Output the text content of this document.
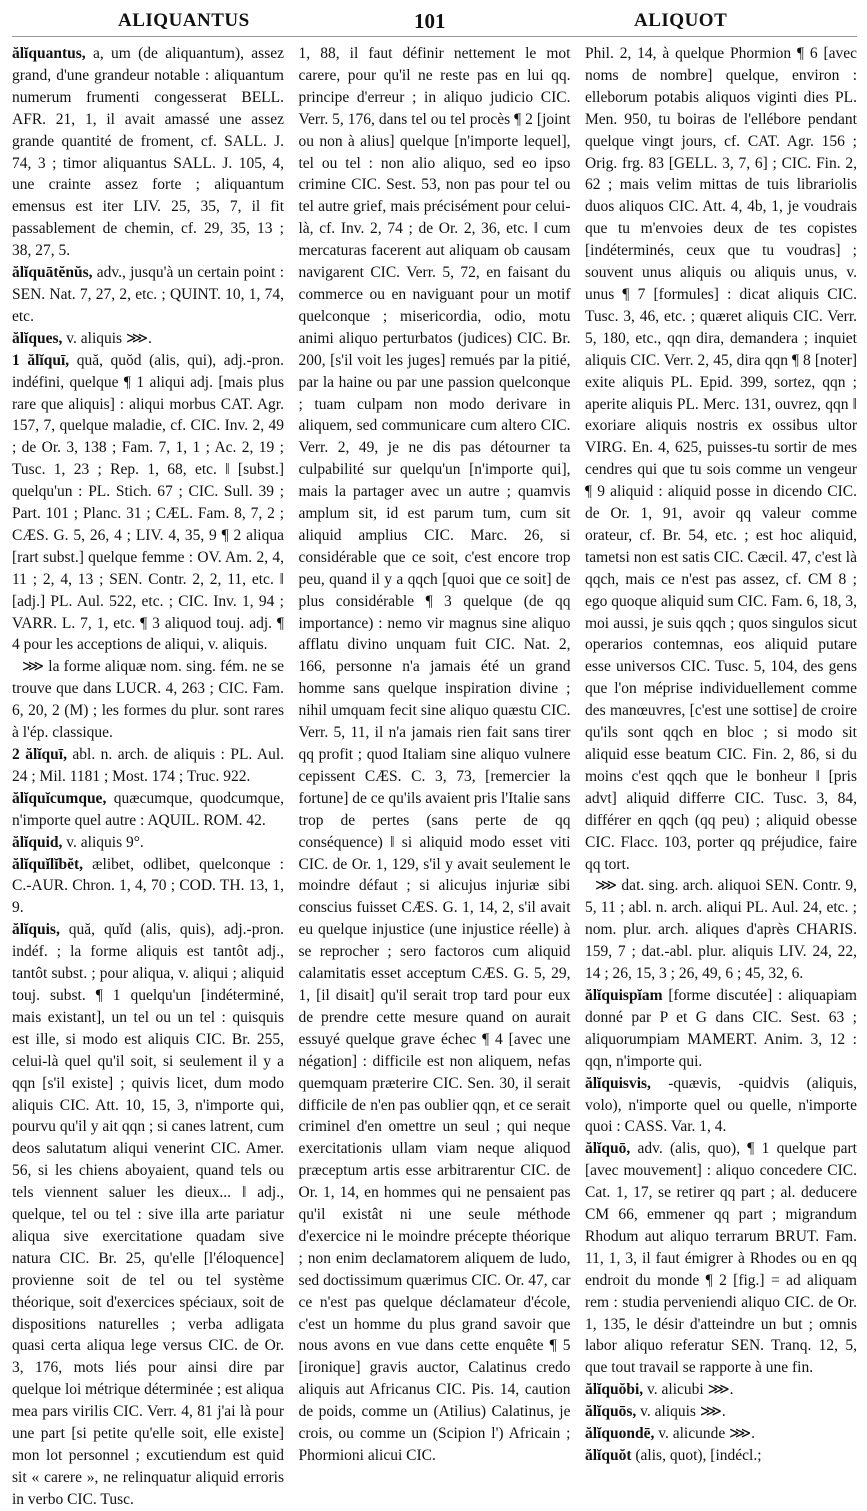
ALIQUANTUS	101	ALIQUOT

ălĭquantus, a, um (de aliquantum), assez grand, d'une grandeur notable : aliquantum numerum frumenti congesserat BELL. AFR. 21, 1, il avait amassé une assez grande quantité de froment, cf. SALL. J. 74, 3 ; timor aliquantus SALL. J. 105, 4, une crainte assez forte ; aliquantum emensus est iter LIV. 25, 35, 7, il fit passablement de chemin, cf. 29, 35, 13 ; 38, 27, 5.

ălĭquātĕnŭs, adv., jusqu'à un certain point : SEN. Nat. 7, 27, 2, etc. ; QUINT. 10, 1, 74, etc.

ălĭques, v. aliquis ⋙.

1 ălĭquī, quă, quŏd (alis, qui), adj.-pron. indéfini, quelque ¶ 1 aliqui adj. [mais plus rare que aliquis] : aliqui morbus CAT. Agr. 157, 7, quelque maladie, cf. CIC. Inv. 2, 49 ; de Or. 3, 138 ; Fam. 7, 1, 1 ; Ac. 2, 19 ; Tusc. 1, 23 ; Rep. 1, 68, etc. ‖ [subst.] quelqu'un : PL. Stich. 67 ; CIC. Sull. 39 ; Part. 101 ; Planc. 31 ; CÆL. Fam. 8, 7, 2 ; CÆS. G. 5, 26, 4 ; LIV. 4, 35, 9 ¶ 2 aliqua [rart subst.] quelque femme : OV. Am. 2, 4, 11 ; 2, 4, 13 ; SEN. Contr. 2, 2, 11, etc. ‖ [adj.] PL. Aul. 522, etc. ; CIC. Inv. 1, 94 ; VARR. L. 7, 1, etc. ¶ 3 aliquod touj. adj. ¶ 4 pour les acceptions de aliqui, v. aliquis.

⋙ la forme aliquæ nom. sing. fém. ne se trouve que dans LUCR. 4, 263 ; CIC. Fam. 6, 20, 2 (M) ; les formes du plur. sont rares à l'ép. classique.

2 ălĭquī, abl. n. arch. de aliquis : PL. Aul. 24 ; Mil. 1181 ; Most. 174 ; Truc. 922.

ălĭquĭcumque, quæcumque, quodcumque, n'importe quel autre : AQUIL. ROM. 42.

ălĭquid, v. aliquis 9°.

ălĭquĭlĭbĕt, ælibet, odlibet, quelconque : C.-AUR. Chron. 1, 4, 70 ; COD. TH. 13, 1, 9.

ălĭquis, quă, quĭd (alis, quis), adj.-pron. indéf. ; la forme aliquis est tantôt adj., tantôt subst. ; pour aliqua, v. aliqui ; aliquid touj. subst. ¶ 1 quelqu'un [indéterminé, mais existant], un tel ou un tel : quisquis est ille, si modo est aliquis CIC. Br. 255, celui-là quel qu'il soit, si seulement il y a qqn [s'il existe] ; quivis licet, dum modo aliquis CIC. Att. 10, 15, 3, n'importe qui, pourvu qu'il y ait qqn ; si canes latrent, cum deos salutatum aliqui venerint CIC. Amer. 56, si les chiens aboyaient, quand tels ou tels viennent saluer les dieux... ‖ adj., quelque, tel ou tel : sive illa arte pariatur aliqua sive exercitatione quadam sive natura CIC. Br. 25, qu'elle [l'éloquence] provienne soit de tel ou tel système théorique, soit d'exercices spéciaux, soit de dispositions naturelles ; verba adligata quasi certa aliqua lege versus CIC. de Or. 3, 176, mots liés pour ainsi dire par quelque loi métrique déterminée ; est aliqua mea pars virilis CIC. Verr. 4, 81 j'ai là pour une part [si petite qu'elle soit, elle existe] mon lot personnel ; excutiendum est quid sit « carere », ne relinquatur aliquid erroris in verbo CIC. Tusc.

1, 88, il faut définir nettement le mot carere, pour qu'il ne reste pas en lui qq. principe d'erreur ; in aliquo judicio CIC. Verr. 5, 176, dans tel ou tel procès ¶ 2 [joint ou non à alius] quelque [n'importe lequel], tel ou tel : non alio aliquo, sed eo ipso crimine CIC. Sest. 53, non pas pour tel ou tel autre grief, mais précisément pour celui-là, cf. Inv. 2, 74 ; de Or. 2, 36, etc. ‖ cum mercaturas facerent aut aliquam ob causam navigarent CIC. Verr. 5, 72, en faisant du commerce ou en naviguant pour un motif quelconque ; misericordia, odio, motu animi aliquo perturbatos (judices) CIC. Br. 200, [s'il voit les juges] remués par la pitié, par la haine ou par une passion quelconque ; tuam culpam non modo derivare in aliquem, sed communicare cum altero CIC. Verr. 2, 49, je ne dis pas détourner ta culpabilité sur quelqu'un [n'importe qui], mais la partager avec un autre ; quamvis amplum sit, id est parum tum, cum sit aliquid amplius CIC. Marc. 26, si considérable que ce soit, c'est encore trop peu, quand il y a qqch [quoi que ce soit] de plus considérable ¶ 3 quelque (de qq importance) : nemo vir magnus sine aliquo afflatu divino unquam fuit CIC. Nat. 2, 166, personne n'a jamais été un grand homme sans quelque inspiration divine ; nihil umquam fecit sine aliquo quæstu CIC. Verr. 5, 11, il n'a jamais rien fait sans tirer qq profit ; quod Italiam sine aliquo vulnere cepissent CÆS. C. 3, 73, [remercier la fortune] de ce qu'ils avaient pris l'Italie sans trop de pertes (sans perte de qq conséquence) ‖ si aliquid modo esset viti CIC. de Or. 1, 129, s'il y avait seulement le moindre défaut ; si alicujus injuriæ sibi conscius fuisset CÆS. G. 1, 14, 2, s'il avait eu quelque injustice (une injustice réelle) à se reprocher ; sero factoros cum aliquid calamitatis esset acceptum CÆS. G. 5, 29, 1, [il disait] qu'il serait trop tard pour eux de prendre cette mesure quand on aurait essuyé quelque grave échec ¶ 4 [avec une négation] : difficile est non aliquem, nefas quemquam præterire CIC. Sen. 30, il serait difficile de n'en pas oublier qqn, et ce serait criminel d'en omettre un seul ; qui neque exercitationis ullam viam neque aliquod præceptum artis esse arbitrarentur CIC. de Or. 1, 14, en hommes qui ne pensaient pas qu'il existât ni une seule méthode d'exercice ni le moindre précepte théorique ; non enim declamatorem aliquem de ludo, sed doctissimum quærimus CIC. Or. 47, car ce n'est pas quelque déclamateur d'école, c'est un homme du plus grand savoir que nous avons en vue dans cette enquête ¶ 5 [ironique] gravis auctor, Calatinus credo aliquis aut Africanus CIC. Pis. 14, caution de poids, comme un (Atilius) Calatinus, je crois, ou comme un (Scipion l') Africain ; Phormioni alicui CIC.

Phil. 2, 14, à quelque Phormion ¶ 6 [avec noms de nombre] quelque, environ : elleborum potabis aliquos viginti dies PL. Men. 950, tu boiras de l'ellébore pendant quelque vingt jours, cf. CAT. Agr. 156 ; Orig. frg. 83 [GELL. 3, 7, 6] ; CIC. Fin. 2, 62 ; mais velim mittas de tuis librariolis duos aliquos CIC. Att. 4, 4b, 1, je voudrais que tu m'envoies deux de tes copistes [indéterminés, ceux que tu voudras] ; souvent unus aliquis ou aliquis unus, v. unus ¶ 7 [formules] : dicat aliquis CIC. Tusc. 3, 46, etc. ; quæret aliquis CIC. Verr. 5, 180, etc., qqn dira, demandera ; inquiet aliquis CIC. Verr. 2, 45, dira qqn ¶ 8 [noter] exite aliquis PL. Epid. 399, sortez, qqn ; aperite aliquis PL. Merc. 131, ouvrez, qqn ‖ exoriare aliquis nostris ex ossibus ultor VIRG. En. 4, 625, puisses-tu sortir de mes cendres qui que tu sois comme un vengeur ¶ 9 aliquid : aliquid posse in dicendo CIC. de Or. 1, 91, avoir qq valeur comme orateur, cf. Br. 54, etc. ; est hoc aliquid, tametsi non est satis CIC. Cæcil. 47, c'est là qqch, mais ce n'est pas assez, cf. CM 8 ; ego quoque aliquid sum CIC. Fam. 6, 18, 3, moi aussi, je suis qqch ; quos singulos sicut operarios contemnas, eos aliquid putare esse universos CIC. Tusc. 5, 104, des gens que l'on méprise individuellement comme des manœuvres, [c'est une sottise] de croire qu'ils sont qqch en bloc ; si modo sit aliquid esse beatum CIC. Fin. 2, 86, si du moins c'est qqch que le bonheur ‖ [pris advt] aliquid differre CIC. Tusc. 3, 84, différer en qqch (qq peu) ; aliquid obesse CIC. Flacc. 103, porter qq préjudice, faire qq tort.

⋙ dat. sing. arch. aliquoi SEN. Contr. 9, 5, 11 ; abl. n. arch. aliqui PL. Aul. 24, etc. ; nom. plur. arch. aliques d'après CHARIS. 159, 7 ; dat.-abl. plur. aliquis LIV. 24, 22, 14 ; 26, 15, 3 ; 26, 49, 6 ; 45, 32, 6.

ălĭquispĭam [forme discutée] : aliquapiam donné par P et G dans CIC. Sest. 63 ; aliquorumpiam MAMERT. Anim. 3, 12 : qqn, n'importe qui.

ălĭquisvis, -quævis, -quidvis (aliquis, volo), n'importe quel ou quelle, n'importe quoi : CASS. Var. 1, 4.

ălĭquō, adv. (alis, quo), ¶ 1 quelque part [avec mouvement] : aliquo concedere CIC. Cat. 1, 17, se retirer qq part ; al. deducere CM 66, emmener qq part ; migrandum Rhodum aut aliquo terrarum BRUT. Fam. 11, 1, 3, il faut émigrer à Rhodes ou en qq endroit du monde ¶ 2 [fig.] = ad aliquam rem : studia perveniendi aliquo CIC. de Or. 1, 135, le désir d'atteindre un but ; omnis labor aliquo referatur SEN. Tranq. 12, 5, que tout travail se rapporte à une fin.

ălĭquŏbi, v. alicubi ⋙.

ălĭquōs, v. aliquis ⋙.

ălĭquondē, v. alicunde ⋙.

ălĭquŏt (alis, quot), [indécl.;
